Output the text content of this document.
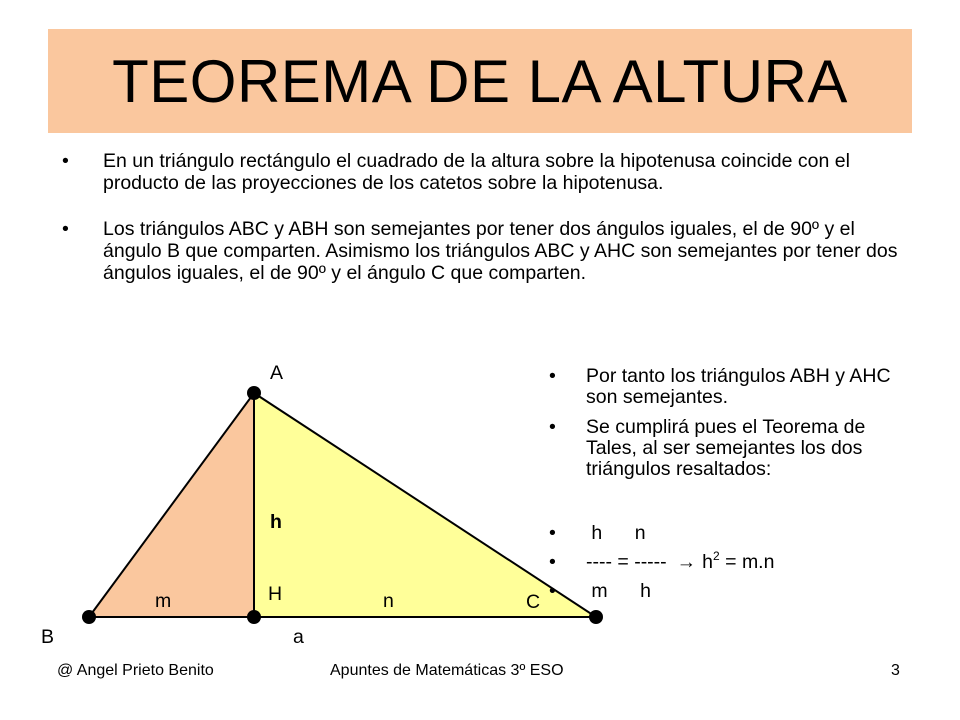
TEOREMA DE LA ALTURA
• En un triángulo rectángulo el cuadrado de la altura sobre la hipotenusa coincide con el producto de las proyecciones de los catetos sobre la hipotenusa.
• Los triángulos ABC y ABH son semejantes por tener dos ángulos iguales, el de 90º y el ángulo B que comparten. Asimismo los triángulos ABC y AHC son semejantes por tener dos ángulos iguales, el de 90º y el ángulo C que comparten.
A
B
C
H
h
m	n
a
• Por tanto los triángulos ABH y AHC son semejantes.
• Se cumplirá pues el Teorema de Tales, al ser semejantes los dos triángulos resaltados:
•  h      n
• ---- = ----- → $h^2 = m.n$
•  m      h
@ Angel Prieto Benito	Apuntes de Matemáticas 3º ESO	3
